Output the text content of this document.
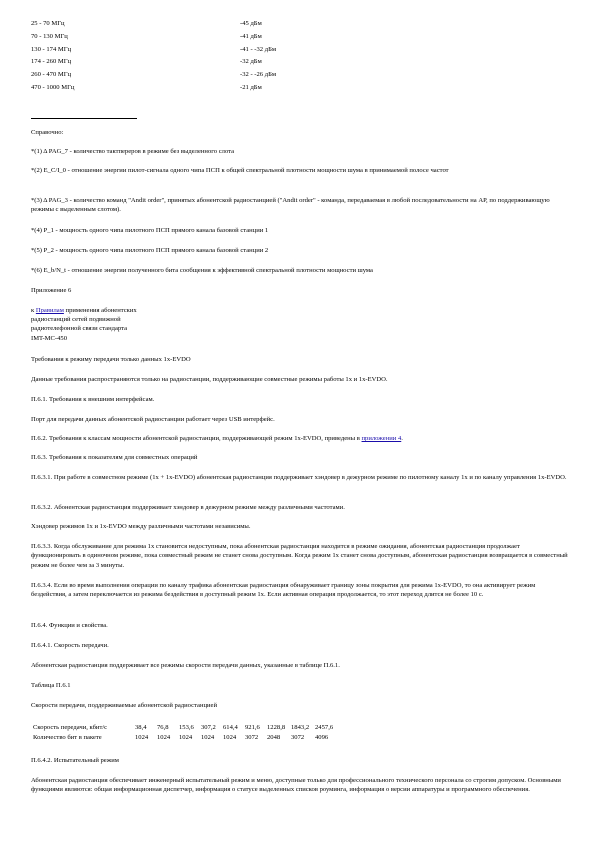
25 - 70 МГц	-45 дБм
70 - 130 МГц	-41 дБм
130 - 174 МГц	-41 - -32 дБм
174 - 260 МГц	-32 дБм
260 - 470 МГц	-32 - -26 дБм
470 - 1000 МГц	-21 дБм

Справочно:

*(1) Δ PAG_7 - количество тактпереров в режиме без выделенного слота

*(2) E_C/I_0 - отношение энергии пилот-сигнала одного чипа ПСП к общей спектральной плотности мощности шума в принимаемой полосе частот

*(3) Δ PAG_3 - количество команд "Andit order", принятых абонентской радиостанцией ("Andit order" - команда, передаваемая в любой последовательности на AP, по поддерживающую режимы с выделенным слотом).

*(4) P_1 - мощность одного чипа пилотного ПСП прямого канала базовой станции 1

*(5) P_2 - мощность одного чипа пилотного ПСП прямого канала базовой станции 2

*(6) E_b/N_t - отношение энергии полученного бита сообщения к эффективной спектральной плотности мощности шума

Приложение 6

к Правилам применения абонентских

радиостанций сетей подвижной

радиотелефонной связи стандарта

IMT-MC-450

Требования к режиму передачи только данных 1x-EVDO

Данные требования распространяются только на радиостанции, поддерживающие совместные режимы работы 1x и 1x-EVDO.

П.6.1. Требования к внешним интерфейсам.

Порт для передачи данных абонентской радиостанции работает через USB интерфейс.

П.6.2. Требования к классам мощности абонентской радиостанции, поддерживающей режим 1x-EVDO, приведены в приложении 4.

П.6.3. Требования к показателям для совместных операций

П.6.3.1. При работе в совместном режиме (1x + 1x-EVDO) абонентская радиостанция поддерживает хэндовер в дежурном режиме по пилотному каналу 1x и по каналу управления 1x-EVDO.

П.6.3.2. Абонентская радиостанция поддерживает хэндовер в дежурном режиме между различными частотами.

Хэндовер режимов 1x и 1x-EVDO между различными частотами независимы.

П.6.3.3. Когда обслуживание для режима 1x становится недоступным, пока абонентская радиостанция находится в режиме ожидания, абонентская радиостанция продолжает функционировать в одиночном режиме, пока совместный режим не станет снова доступным. Когда режим 1x станет снова доступным, абонентская радиостанция возвращается в совместный режим не более чем за 3 минуты.

П.6.3.4. Если во время выполнения операции по каналу трафика абонентская радиостанция обнаруживает границу зоны покрытия для режима 1x-EVDO, то она активирует режим бездействия, а затем переключается из режима бездействия в доступный режим 1x. Если активная операция продолжается, то этот переход длится не более 10 с.

П.6.4. Функции и свойства.

П.6.4.1. Скорость передачи.

Абонентская радиостанция поддерживает все режимы скорости передачи данных, указанные в таблице П.6.1.

Таблица П.6.1

Скорости передачи, поддерживаемые абонентской радиостанцией

Скорость передачи, кбит/с	38,4	76,8	153,6	307,2	614,4	921,6	1228,8 1843,2 2457,6
Количество бит в пакете	1024	1024	1024	1024	1024	3072	2048	3072	4096

П.6.4.2. Испытательный режим

Абонентская радиостанция обеспечивает инженерный испытательный режим и меню, доступные только для профессионального технического персонала со строгим допуском. Основными функциями являются: общая информационная диспетчер, информация о статусе выделенных списков роуминга, информация о версии аппаратуры и программного обеспечения.
